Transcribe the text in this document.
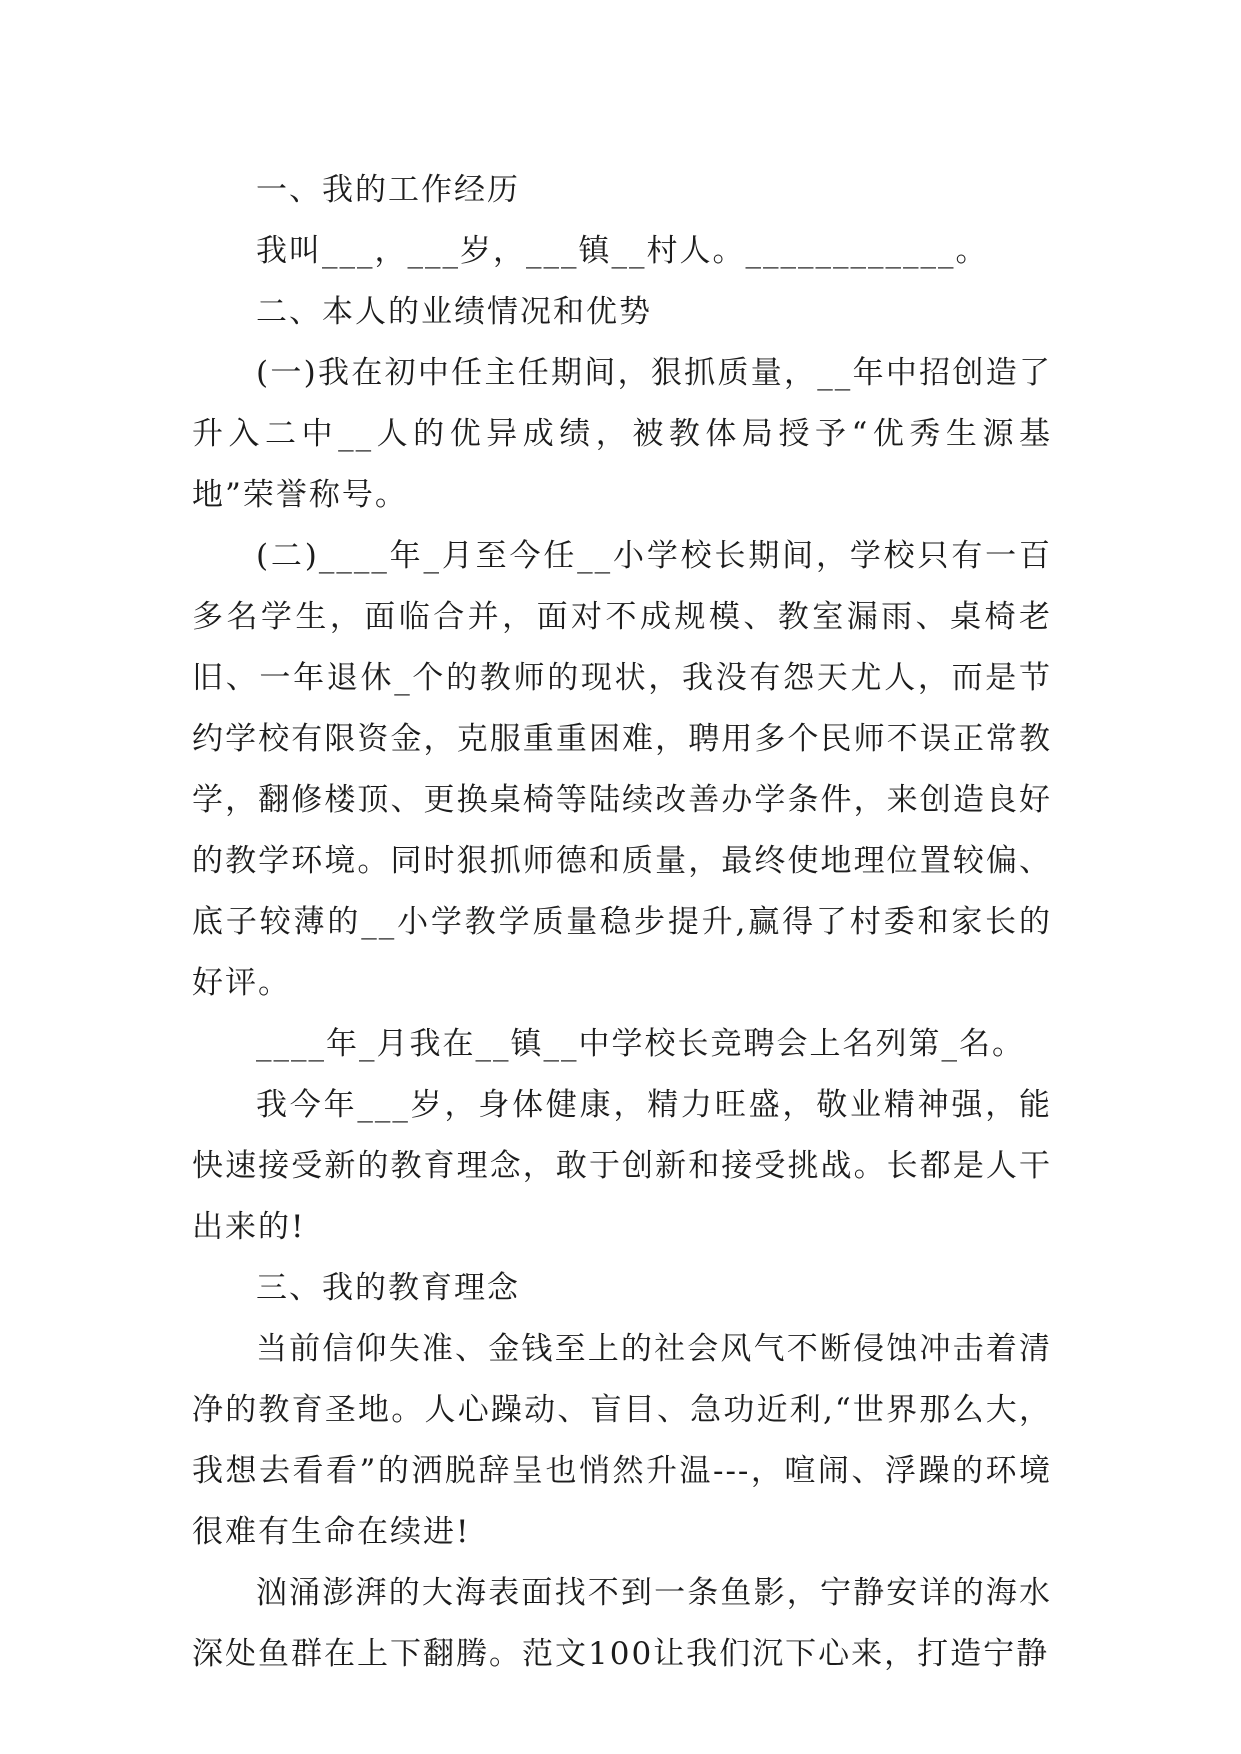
一、我的工作经历

我叫___，___岁，___镇__村人。____________。

二、本人的业绩情况和优势

(一)我在初中任主任期间，狠抓质量，__年中招创造了升入二中__人的优异成绩，被教体局授予“优秀生源基地”荣誉称号。

(二)____年_月至今任__小学校长期间，学校只有一百多名学生，面临合并，面对不成规模、教室漏雨、桌椅老旧、一年退休_个的教师的现状，我没有怨天尤人，而是节约学校有限资金，克服重重困难，聘用多个民师不误正常教学，翻修楼顶、更换桌椅等陆续改善办学条件，来创造良好的教学环境。同时狠抓师德和质量，最终使地理位置较偏、底子较薄的__小学教学质量稳步提升,赢得了村委和家长的好评。

____年_月我在__镇__中学校长竞聘会上名列第_名。

我今年___岁，身体健康，精力旺盛，敬业精神强，能快速接受新的教育理念，敢于创新和接受挑战。长都是人干出来的!

三、我的教育理念

当前信仰失准、金钱至上的社会风气不断侵蚀冲击着清净的教育圣地。人心躁动、盲目、急功近利,“世界那么大，我想去看看”的洒脱辞呈也悄然升温---，喧闹、浮躁的环境很难有生命在续进!

汹涌澎湃的大海表面找不到一条鱼影，宁静安详的海水深处鱼群在上下翻腾。范文100让我们沉下心来，打造宁静
